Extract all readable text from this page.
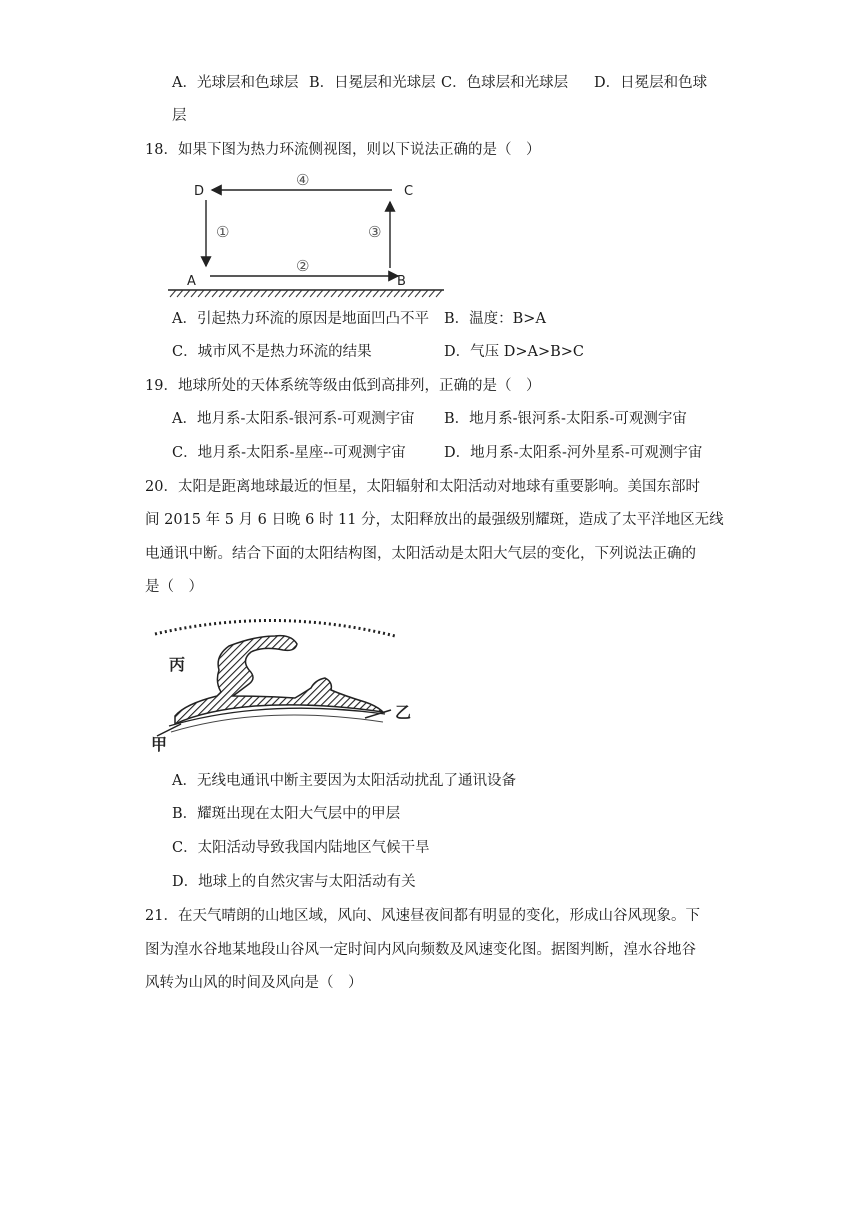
A．光球层和色球层 B．日冕层和光球层 C．色球层和光球层 D．日冕层和色球
层
18．如果下图为热力环流侧视图，则以下说法正确的是（　）
D	C
A	B
④
①	③
②
A．引起热力环流的原因是地面凹凸不平 B．温度：B>A
C．城市风不是热力环流的结果	D．气压 D>A>B>C
19．地球所处的天体系统等级由低到高排列，正确的是（　）
A．地月系-太阳系-银河系-可观测宇宙 B．地月系-银河系-太阳系-可观测宇宙
C．地月系-太阳系-星座--可观测宇宙	D．地月系-太阳系-河外星系-可观测宇宙
20．太阳是距离地球最近的恒星，太阳辐射和太阳活动对地球有重要影响。美国东部时
间 2015 年 5 月 6 日晚 6 时 11 分，太阳释放出的最强级别耀斑，造成了太平洋地区无线
电通讯中断。结合下面的太阳结构图，太阳活动是太阳大气层的变化，下列说法正确的
是（　）
丙
乙
甲
A．无线电通讯中断主要因为太阳活动扰乱了通讯设备
B．耀斑出现在太阳大气层中的甲层
C．太阳活动导致我国内陆地区气候干旱
D．地球上的自然灾害与太阳活动有关
21．在天气晴朗的山地区域，风向、风速昼夜间都有明显的变化，形成山谷风现象。下
图为湟水谷地某地段山谷风一定时间内风向频数及风速变化图。据图判断，湟水谷地谷
风转为山风的时间及风向是（　）
